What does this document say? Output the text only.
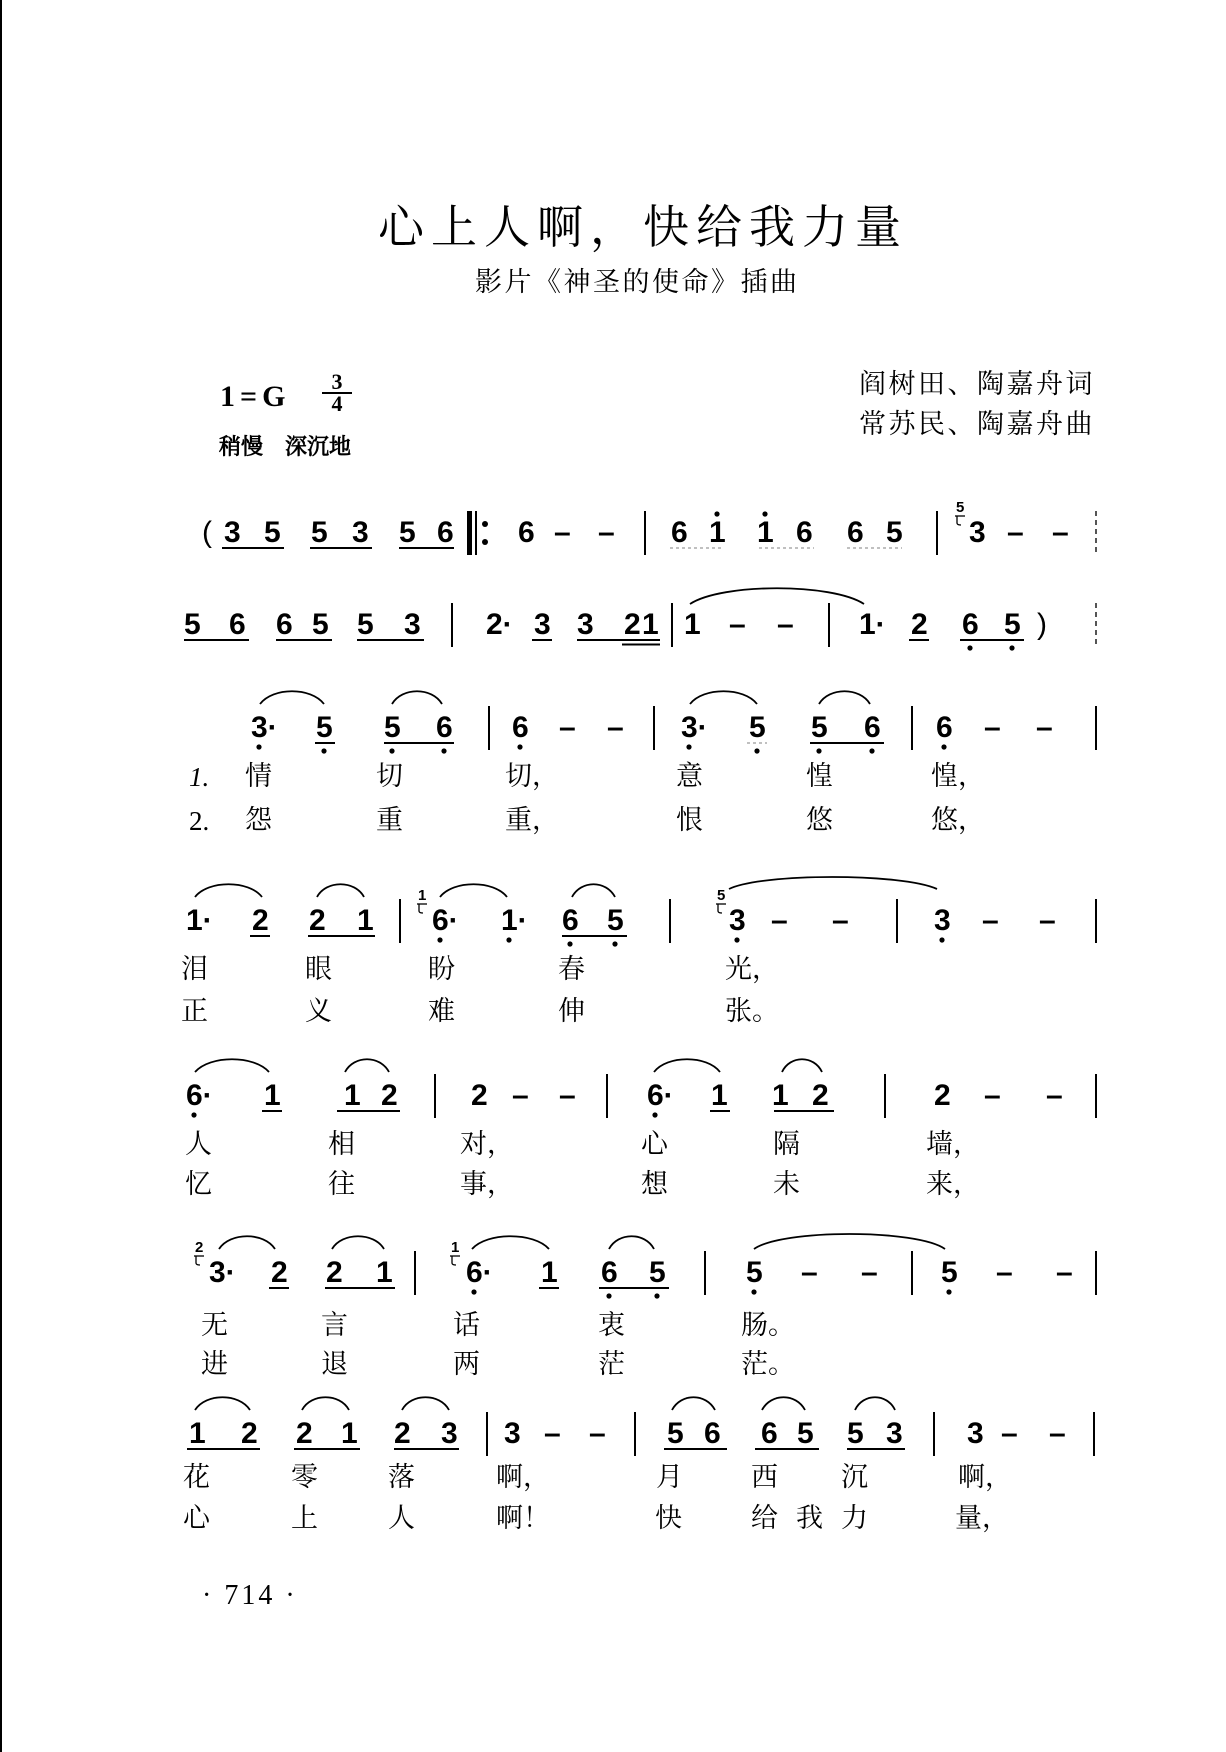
心上人啊，快给我力量
影片《神圣的使命》插曲
$1=G \frac{3}{4}$
稍慢　深沉地
阎树田、陶嘉舟词
常苏民、陶嘉舟曲
( 3 5 5 3 5 6 6 – – 6 1 1 6 6 5
5
3 – –
5 6 6 5 5 3 2· 3 3 2 1 1 – – 1· 2 6 5 )
3· 5 5 6 6 – – 3· 5 5 6 6 – –
1. 情	切	切，	意	惶	惶，
2. 怨	重	重，	恨	悠	悠，
1· 2 2 1
1
6· 1· 6 5
5
3 – –	3 – –
泪	眼	盼	春	光，
正	义	难	伸	张。
6· 1 1 2 2 – – 6· 1 1 2	2 – –
人	相	对，	心	隔	墙，
忆	往	事，	想	未	来，
2
3· 2 2 1
1
6· 1 6 5	5 – – 5 – –
无	言	话	衷	肠。
进	退	两	茫	茫。
1 2 2 1 2 3 3 – – 5 6 6 5 5 3 3 – –
花	零	落	啊，	月	西 沉	啊，
心	上	人	啊！	快	给 我 力	量，
· 714 ·
